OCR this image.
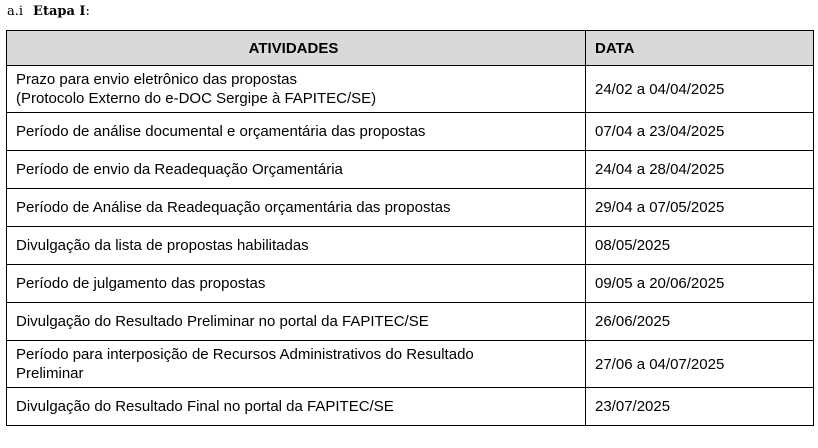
a.i Etapa I:
ATIVIDADES	DATA

Prazo para envio eletrônico das propostas
(Protocolo Externo do e-DOC Sergipe à FAPITEC/SE)	24/02 a 04/04/2025
Período de análise documental e orçamentária das propostas	07/04 a 23/04/2025
Período de envio da Readequação Orçamentária	24/04 a 28/04/2025
Período de Análise da Readequação orçamentária das propostas	29/04 a 07/05/2025
Divulgação da lista de propostas habilitadas	08/05/2025
Período de julgamento das propostas	09/05 a 20/06/2025
Divulgação do Resultado Preliminar no portal da FAPITEC/SE	26/06/2025

Período para interposição de Recursos Administrativos do Resultado
Preliminar	27/06 a 04/07/2025
Divulgação do Resultado Final no portal da FAPITEC/SE	23/07/2025
